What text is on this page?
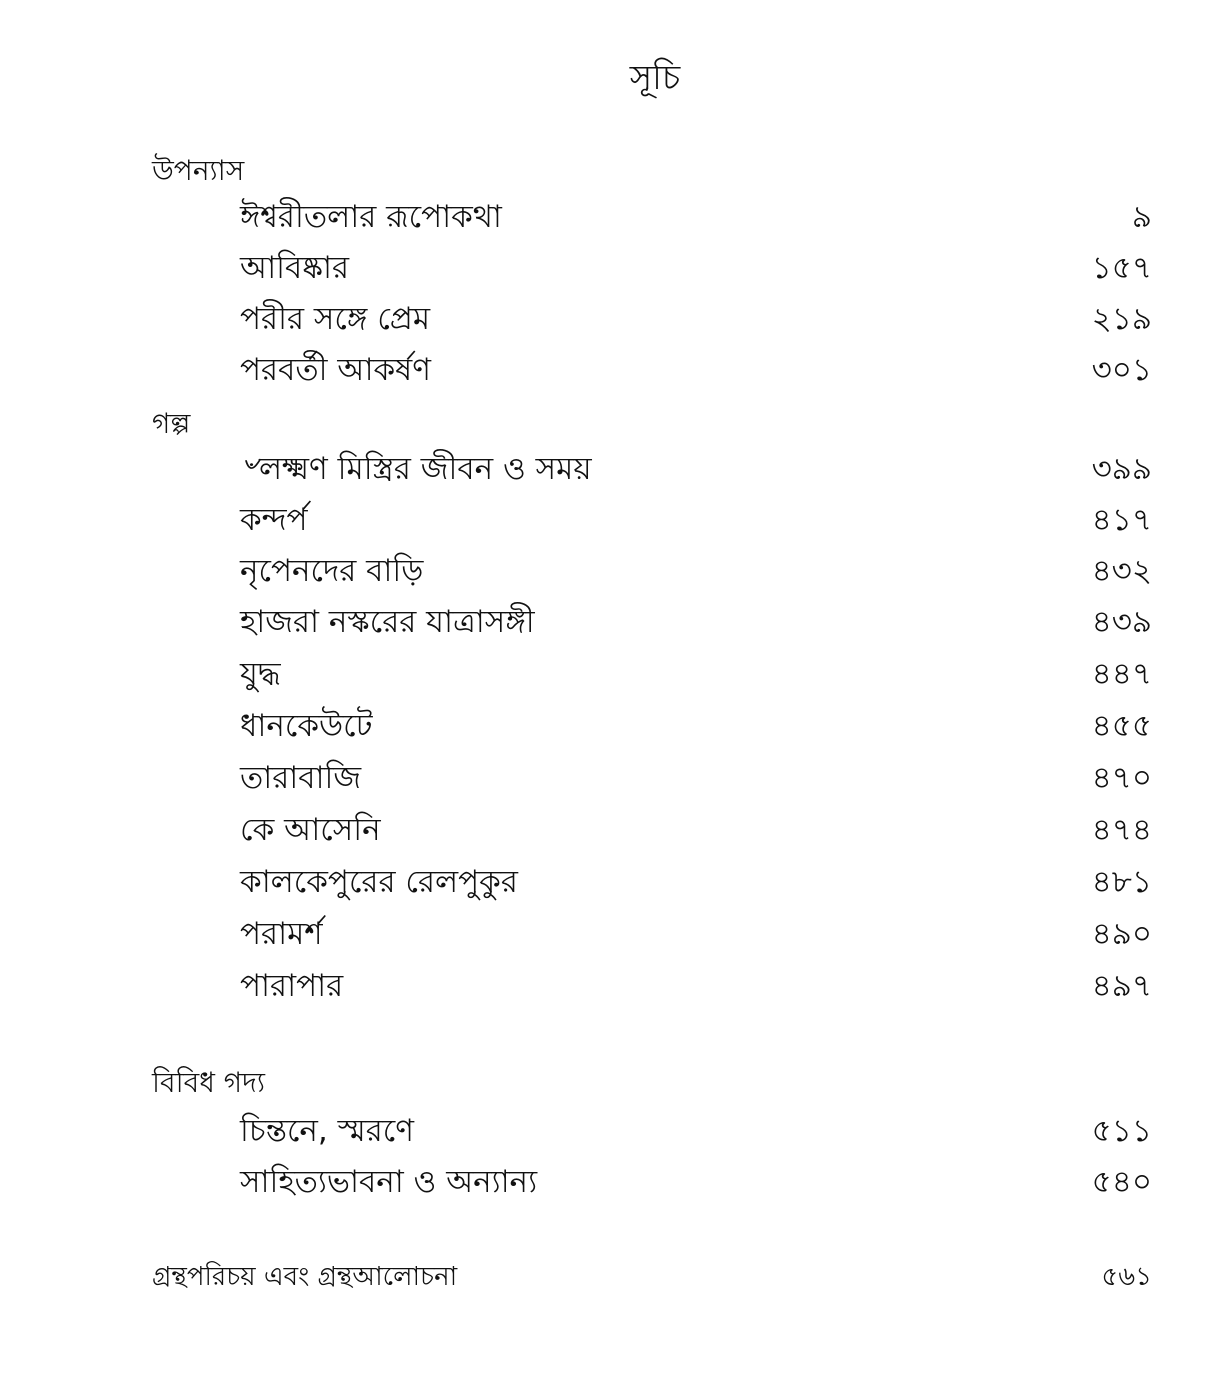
সূচি
উপন্যাস
ঈশ্বরীতলার রূপোকথা	৯
আবিষ্কার	১৫৭
পরীর সঙ্গে প্রেম	২১৯
পরবর্তী আকর্ষণ	৩০১
গল্প
৺লক্ষ্মণ মিস্ত্রির জীবন ও সময়	৩৯৯
কন্দর্প	৪১৭
নৃপেনদের বাড়ি	৪৩২
হাজরা নস্করের যাত্রাসঙ্গী	৪৩৯
যুদ্ধ	৪৪৭
ধানকেউটে	৪৫৫
তারাবাজি	৪৭০
কে আসেনি	৪৭৪
কালকেপুরের রেলপুকুর	৪৮১
পরামর্শ	৪৯০
পারাপার	৪৯৭
বিবিধ গদ্য
চিন্তনে, স্মরণে	৫১১
সাহিত্যভাবনা ও অন্যান্য	৫৪০
গ্রন্থপরিচয় এবং গ্রন্থআলোচনা	৫৬১
